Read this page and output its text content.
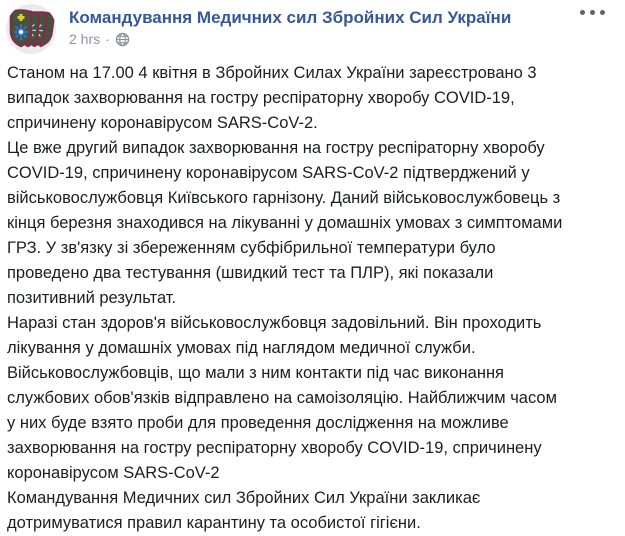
Командування Медичних сил Збройних Сил України
2 hrs ·
Станом на 17.00 4 квітня в Збройних Силах України зареєстровано 3
випадок захворювання на гостру респіраторну хворобу COVID-19,
спричинену коронавірусом SARS-CoV-2.
Це вже другий випадок захворювання на гостру респіраторну хворобу
COVID-19, спричинену коронавірусом SARS-CoV-2 підтверджений у
військовослужбовця Київського гарнізону. Даний військовослужбовець з
кінця березня знаходився на лікуванні у домашніх умовах з симптомами
ГРЗ. У зв'язку зі збереженням субфібрильної температури було
проведено два тестування (швидкий тест та ПЛР), які показали
позитивний результат.
Наразі стан здоров'я військовослужбовця задовільний. Він проходить
лікування у домашніх умовах під наглядом медичної служби.
Військовослужбовців, що мали з ним контакти під час виконання
службових обов'язків відправлено на самоізоляцію. Найближчим часом
у них буде взято проби для проведення дослідження на можливе
захворювання на гостру респіраторну хворобу COVID-19, спричинену
коронавірусом SARS-CoV-2
Командування Медичних сил Збройних Сил України закликає
дотримуватися правил карантину та особистої гігієни.
